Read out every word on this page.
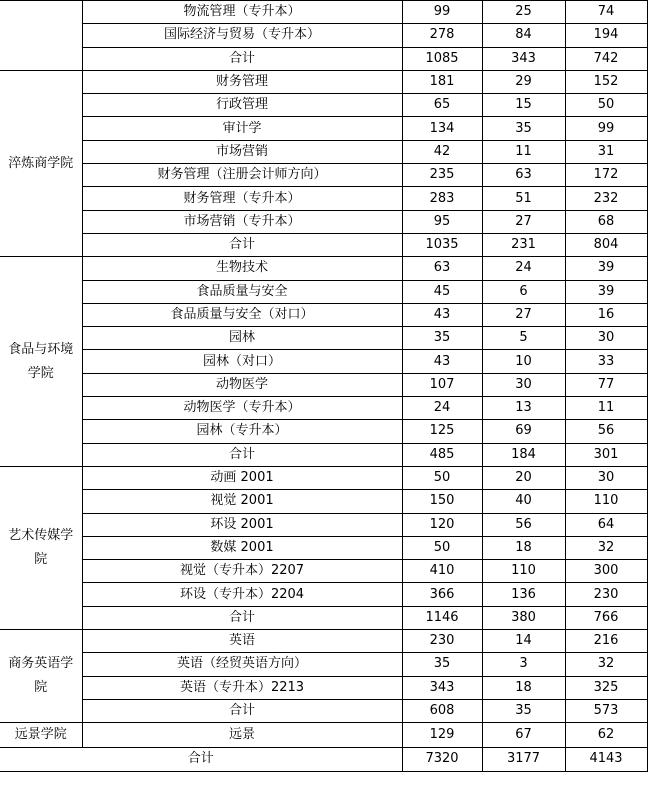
	物流管理（专升本）	99	25	74
	国际经济与贸易（专升本）	278	84	194
	合计	1085	343	742

淬炼商学院	财务管理	181	29	152
	行政管理	65	15	50
	审计学	134	35	99
	市场营销	42	11	31
	财务管理（注册会计师方向）	235	63	172
	财务管理（专升本）	283	51	232
	市场营销（专升本）	95	27	68
	合计	1035	231	804

食品与环境学院	生物技术	63	24	39
	食品质量与安全	45	6	39
	食品质量与安全（对口）	43	27	16
	园林	35	5	30
	园林（对口）	43	10	33
	动物医学	107	30	77
	动物医学（专升本）	24	13	11
	园林（专升本）	125	69	56
	合计	485	184	301

艺术传媒学院	动画 2001	50	20	30
	视觉 2001	150	40	110
	环设 2001	120	56	64
	数媒 2001	50	18	32
	视觉（专升本）2207	410	110	300
	环设（专升本）2204	366	136	230
	合计	1146	380	766

商务英语学院	英语	230	14	216
	英语（经贸英语方向）	35	3	32
	英语（专升本）2213	343	18	325
	合计	608	35	573

远景学院	远景	129	67	62
合计		7320	3177	4143
